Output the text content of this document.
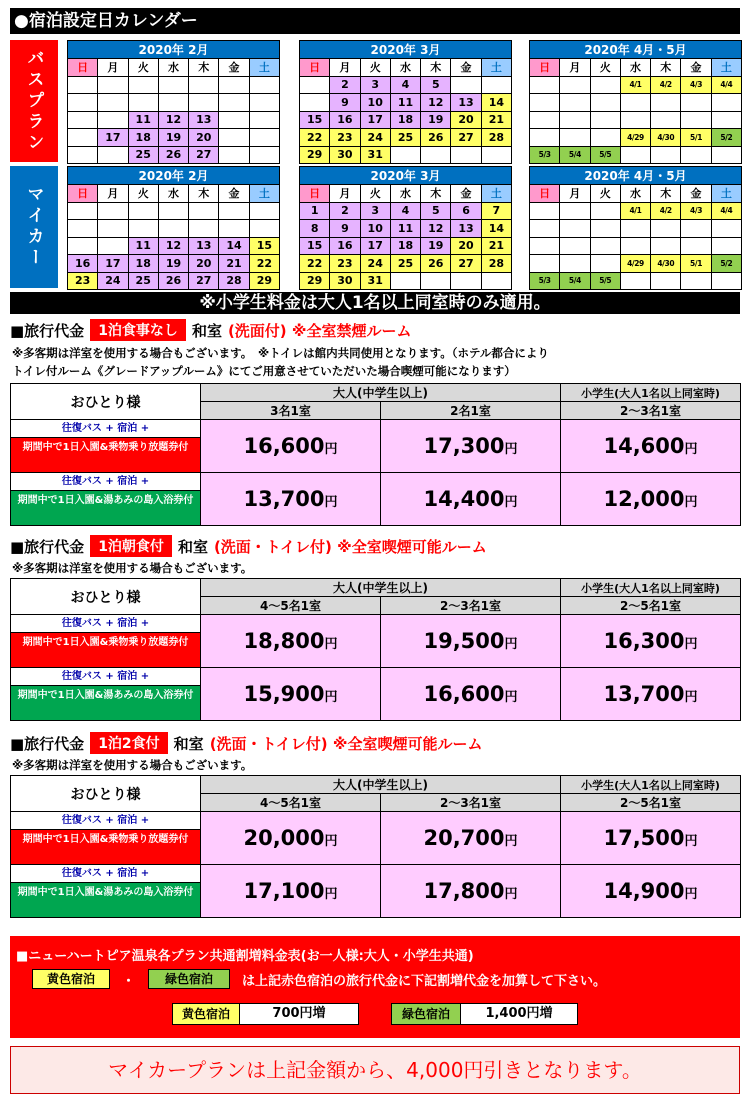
●宿泊設定日カレンダー
バスプラン	2020年 2月						
日	月	火	水	木	金	土

		11	12	13		
	17	18	19	20		
		25	26	27		
2020年 3月						
日	月	火	水	木	金	土
	2	3	4	5		
	9	10	11	12	13	14
15	16	17	18	19	20	21
22	23	24	25	26	27	28
29	30	31				
2020年 4月・5月						
日	月	火	水	木	金	土
			4/1	4/2	4/3	4/4

			4/29	4/30	5/1	5/2
5/3	5/4	5/5				
マイカー
2020年 2月						
日	月	火	水	木	金	土

		11	12	13	14	15
16	17	18	19	20	21	22
23	24	25	26	27	28	29
2020年 3月						
日	月	火	水	木	金	土
1	2	3	4	5	6	7
8	9	10	11	12	13	14
15	16	17	18	19	20	21
22	23	24	25	26	27	28
29	30	31				
2020年 4月・5月						
日	月	火	水	木	金	土
			4/1	4/2	4/3	4/4

			4/29	4/30	5/1	5/2
5/3	5/4	5/5				
※小学生料金は大人1名以上同室時のみ適用。
■旅行代金	1泊食事なし 和室 (洗面付) ※全室禁煙ルーム
※多客期は洋室を使用する場合もございます。　※トイレは館内共同使用となります。（ホテル都合により
トイレ付ルーム《グレードアップルーム》にてご用意させていただいた場合喫煙可能になります）
おひとり様	大人(中学生以上)		小学生(大人1名以上同室時)
	3名1室	2名1室	2～3名1室

往復バス + 宿泊 +
期間中で1日入園&乗物乗り放題券付	16,600円	17,300円	14,600円

往復バス + 宿泊 +
期間中で1日入園&湯あみの島入浴券付	13,700円	14,400円	12,000円
■旅行代金	1泊朝食付 和室 (洗面・トイレ付) ※全室喫煙可能ルーム
※多客期は洋室を使用する場合もございます。
おひとり様	大人(中学生以上)		小学生(大人1名以上同室時)
	4～5名1室	2～3名1室	2～5名1室

往復バス + 宿泊 +
期間中で1日入園&乗物乗り放題券付	18,800円	19,500円	16,300円

往復バス + 宿泊 +
期間中で1日入園&湯あみの島入浴券付	15,900円	16,600円	13,700円
■旅行代金	1泊2食付 和室 (洗面・トイレ付) ※全室喫煙可能ルーム
※多客期は洋室を使用する場合もございます。
おひとり様	大人(中学生以上)		小学生(大人1名以上同室時)
	4～5名1室	2～3名1室	2～5名1室

往復バス + 宿泊 +
期間中で1日入園&乗物乗り放題券付	20,000円	20,700円	17,500円

往復バス + 宿泊 +
期間中で1日入園&湯あみの島入浴券付	17,100円	17,800円	14,900円
■ニューハートピア温泉各プラン共通割増料金表(お一人様:大人・小学生共通)
黄色宿泊	・	緑色宿泊	は上記赤色宿泊の旅行代金に下記割増代金を加算して下さい。
黄色宿泊	700円増	緑色宿泊	1,400円増
マイカープランは上記金額から、4,000円引きとなります。
